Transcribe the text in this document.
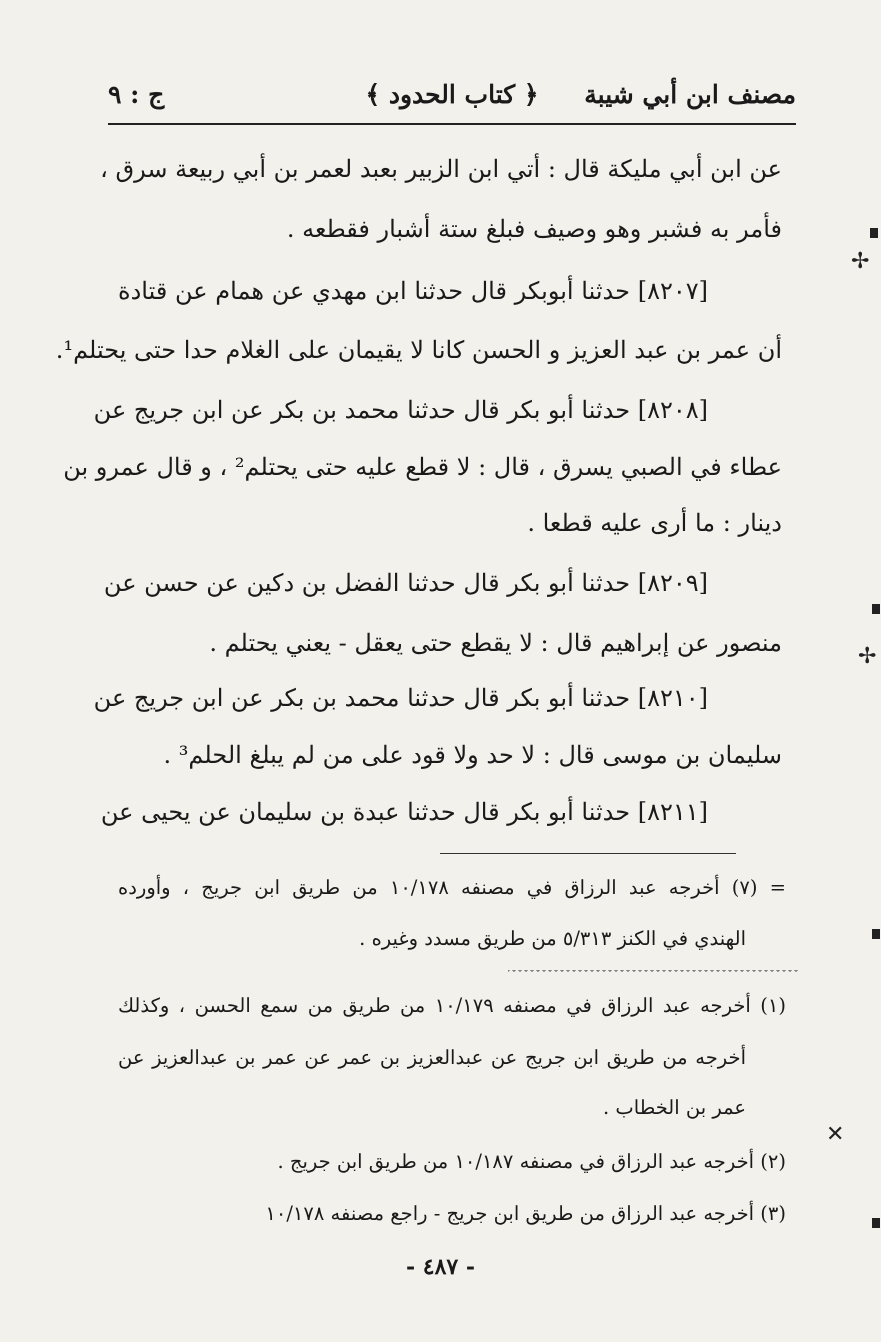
مصنف ابن أبي شيبة
﴿ كتاب الحدود ﴾
ج : ٩
عن ابن أبي مليكة قال : أتي ابن الزبير بعبد لعمر بن أبي ربيعة سرق ،
فأمر به فشبر وهو وصيف فبلغ ستة أشبار فقطعه .
[٨٢٠٧] حدثنا أبوبكر قال حدثنا ابن مهدي عن همام عن قتادة
أن عمر بن عبد العزيز و الحسن كانا لا يقيمان على الغلام حدا حتى يحتلم¹.
[٨٢٠٨] حدثنا أبو بكر قال حدثنا محمد بن بكر عن ابن جريج عن
عطاء في الصبي يسرق ، قال : لا قطع عليه حتى يحتلم² ، و قال عمرو بن
دينار : ما أرى عليه قطعا .
[٨٢٠٩] حدثنا أبو بكر قال حدثنا الفضل بن دكين عن حسن عن
منصور عن إبراهيم قال : لا يقطع حتى يعقل - يعني يحتلم .
[٨٢١٠] حدثنا أبو بكر قال حدثنا محمد بن بكر عن ابن جريج عن
سليمان بن موسى قال : لا حد ولا قود على من لم يبلغ الحلم³ .
[٨٢١١] حدثنا أبو بكر قال حدثنا عبدة بن سليمان عن يحيى عن
= (٧) أخرجه عبد الرزاق في مصنفه ١٠/١٧٨ من طريق ابن جريج ، وأورده
الهندي في الكنز ٥/٣١٣ من طريق مسدد وغيره .
(١) أخرجه عبد الرزاق في مصنفه ١٠/١٧٩ من طريق من سمع الحسن ، وكذلك
أخرجه من طريق ابن جريج عن عبدالعزيز بن عمر عن عمر بن عبدالعزيز عن
عمر بن الخطاب .
(٢) أخرجه عبد الرزاق في مصنفه ١٠/١٨٧ من طريق ابن جريج .
(٣) أخرجه عبد الرزاق من طريق ابن جريج - راجع مصنفه ١٠/١٧٨
- ٤٨٧ -
✢
✢
✕
